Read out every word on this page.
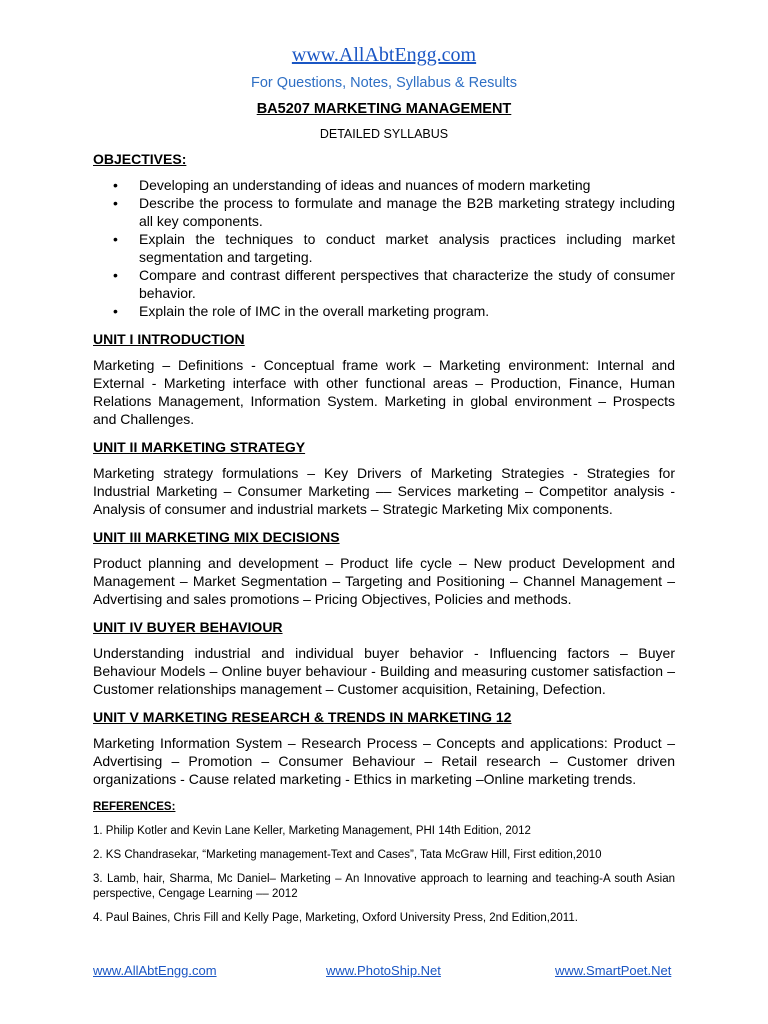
www.AllAbtEngg.com
For Questions, Notes, Syllabus & Results
BA5207 MARKETING MANAGEMENT
DETAILED SYLLABUS

OBJECTIVES:

• Developing an understanding of ideas and nuances of modern marketing
• Describe the process to formulate and manage the B2B marketing strategy including all key components.
• Explain the techniques to conduct market analysis practices including market segmentation and targeting.
• Compare and contrast different perspectives that characterize the study of consumer behavior.
• Explain the role of IMC in the overall marketing program.

UNIT I INTRODUCTION

Marketing – Definitions - Conceptual frame work – Marketing environment: Internal and External - Marketing interface with other functional areas – Production, Finance, Human Relations Management, Information System. Marketing in global environment – Prospects and Challenges.

UNIT II MARKETING STRATEGY

Marketing strategy formulations – Key Drivers of Marketing Strategies - Strategies for Industrial Marketing – Consumer Marketing –– Services marketing – Competitor analysis - Analysis of consumer and industrial markets – Strategic Marketing Mix components.

UNIT III MARKETING MIX DECISIONS

Product planning and development – Product life cycle – New product Development and Management – Market Segmentation – Targeting and Positioning – Channel Management – Advertising and sales promotions – Pricing Objectives, Policies and methods.

UNIT IV BUYER BEHAVIOUR

Understanding industrial and individual buyer behavior - Influencing factors – Buyer Behaviour Models – Online buyer behaviour - Building and measuring customer satisfaction – Customer relationships management – Customer acquisition, Retaining, Defection.

UNIT V MARKETING RESEARCH & TRENDS IN MARKETING 12

Marketing Information System – Research Process – Concepts and applications: Product – Advertising – Promotion – Consumer Behaviour – Retail research – Customer driven organizations - Cause related marketing - Ethics in marketing –Online marketing trends.

REFERENCES:

1. Philip Kotler and Kevin Lane Keller, Marketing Management, PHI 14th Edition, 2012

2. KS Chandrasekar, “Marketing management-Text and Cases”, Tata McGraw Hill, First edition,2010

3. Lamb, hair, Sharma, Mc Daniel– Marketing – An Innovative approach to learning and teaching-A south Asian perspective, Cengage Learning –– 2012

4. Paul Baines, Chris Fill and Kelly Page, Marketing, Oxford University Press, 2nd Edition,2011.

www.AllAbtEngg.com	www.PhotoShip.Net	www.SmartPoet.Net
